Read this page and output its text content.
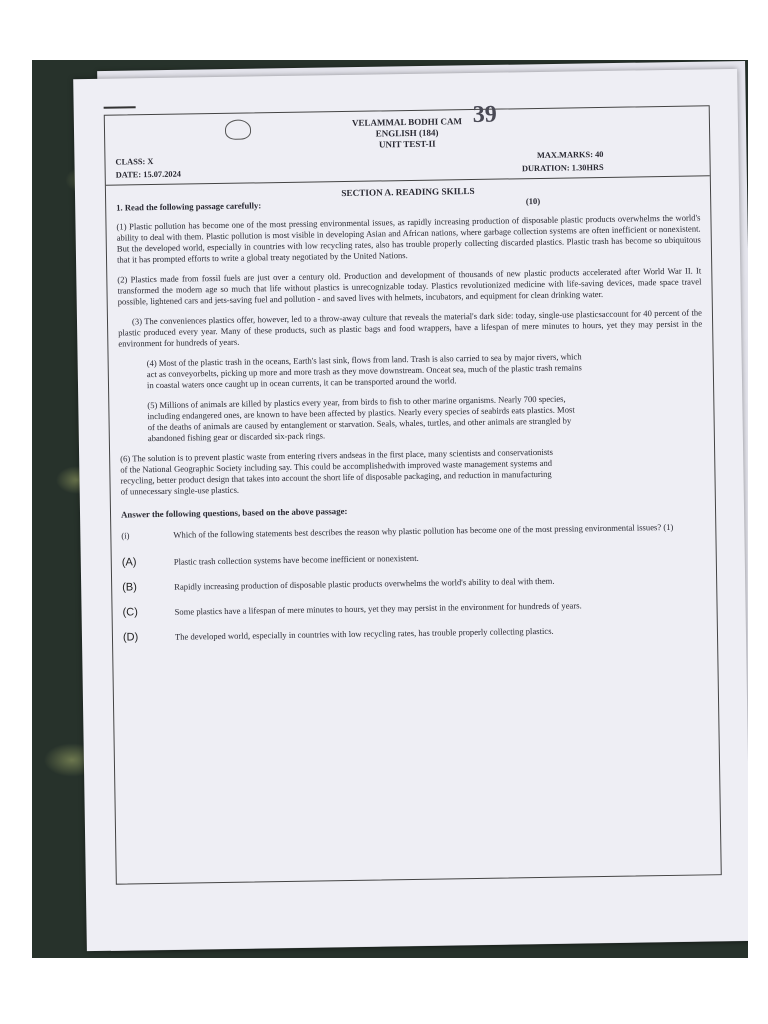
VELAMMAL BODHI CAM
ENGLISH (184)
UNIT TEST-II
39
CLASS: X
MAX.MARKS: 40
DATE: 15.07.2024
DURATION: 1.30HRS
SECTION A. READING SKILLS
1. Read the following passage carefully:	(10)

(1) Plastic pollution has become one of the most pressing environmental issues, as rapidly increasing production of disposable plastic products overwhelms the world's ability to deal with them. Plastic pollution is most visible in developing Asian and African nations, where garbage collection systems are often inefficient or nonexistent. But the developed world, especially in countries with low recycling rates, also has trouble properly collecting discarded plastics. Plastic trash has become so ubiquitous that it has prompted efforts to write a global treaty negotiated by the United Nations.

(2) Plastics made from fossil fuels are just over a century old. Production and development of thousands of new plastic products accelerated after World War II. It transformed the modern age so much that life without plastics is unrecognizable today. Plastics revolutionized medicine with life-saving devices, made space travel possible, lightened cars and jets-saving fuel and pollution - and saved lives with helmets, incubators, and equipment for clean drinking water.

(3) The conveniences plastics offer, however, led to a throw-away culture that reveals the material's dark side: today, single-use plasticsaccount for 40 percent of the plastic produced every year. Many of these products, such as plastic bags and food wrappers, have a lifespan of mere minutes to hours, yet they may persist in the environment for hundreds of years.

(4) Most of the plastic trash in the oceans, Earth's last sink, flows from land. Trash is also carried to sea by major rivers, which act as conveyorbelts, picking up more and more trash as they move downstream. Onceat sea, much of the plastic trash remains in coastal waters once caught up in ocean currents, it can be transported around the world.

(5) Millions of animals are killed by plastics every year, from birds to fish to other marine organisms. Nearly 700 species, including endangered ones, are known to have been affected by plastics. Nearly every species of seabirds eats plastics. Most of the deaths of animals are caused by entanglement or starvation. Seals, whales, turtles, and other animals are strangled by abandoned fishing gear or discarded six-pack rings.

(6) The solution is to prevent plastic waste from entering rivers andseas in the first place, many scientists and conservationists of the National Geographic Society including say. This could be accomplishedwith improved waste management systems and recycling, better product design that takes into account the short life of disposable packaging, and reduction in manufacturing of unnecessary single-use plastics.

Answer the following questions, based on the above passage:
(i)	Which of the following statements best describes the reason why plastic pollution has become one of the most pressing environmental issues? (1)
(A)	Plastic trash collection systems have become inefficient or nonexistent.
(B)	Rapidly increasing production of disposable plastic products overwhelms the world's ability to deal with them.
(C)	Some plastics have a lifespan of mere minutes to hours, yet they may persist in the environment for hundreds of years.
(D)	The developed world, especially in countries with low recycling rates, has trouble properly collecting plastics.
